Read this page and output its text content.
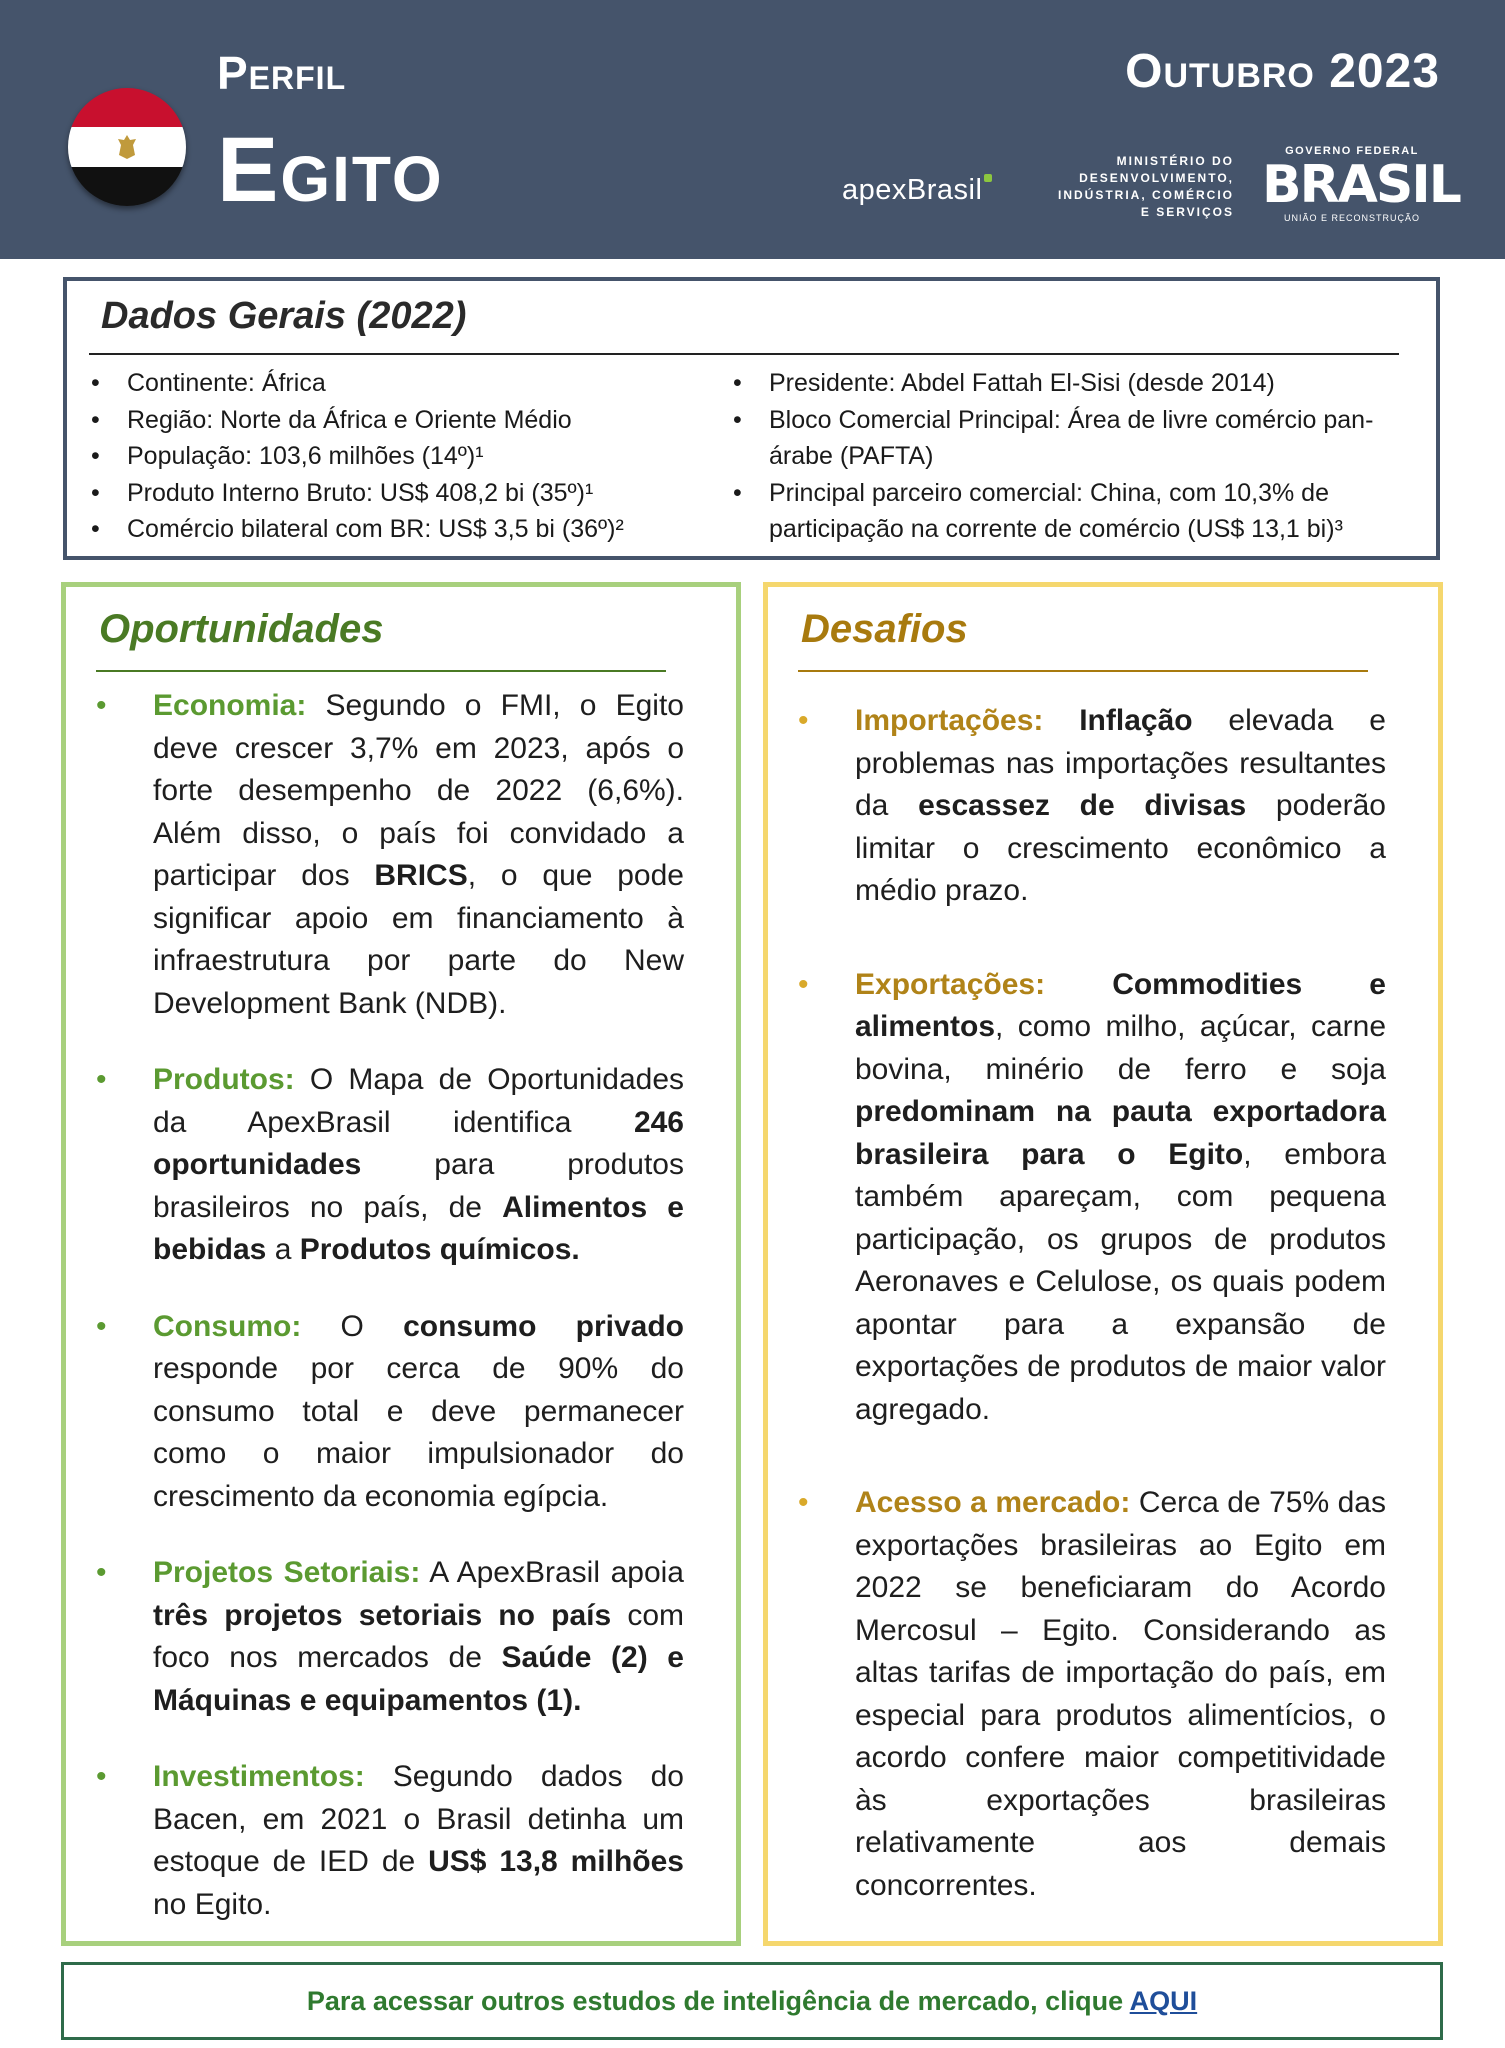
Perfil
Egito
Outubro 2023
apexBrasil
MINISTÉRIO DO
DESENVOLVIMENTO,
INDÚSTRIA, COMÉRCIO
E SERVIÇOS
GOVERNO FEDERAL
BRASIL
UNIÃO E RECONSTRUÇÃO
Dados Gerais (2022)
• Continente: África
• Região: Norte da África e Oriente Médio
• População: 103,6 milhões (14º)¹
• Produto Interno Bruto: US$ 408,2 bi (35º)¹
• Comércio bilateral com BR: US$ 3,5 bi (36º)²
• Presidente: Abdel Fattah El-Sisi (desde 2014)
• Bloco Comercial Principal: Área de livre comércio pan-árabe (PAFTA)
• Principal parceiro comercial: China, com 10,3% de participação na corrente de comércio (US$ 13,1 bi)³
Oportunidades
• Economia: Segundo o FMI, o Egito deve crescer 3,7% em 2023, após o forte desempenho de 2022 (6,6%). Além disso, o país foi convidado a participar dos BRICS, o que pode significar apoio em financiamento à infraestrutura por parte do New Development Bank (NDB).
• Produtos: O Mapa de Oportunidades da ApexBrasil identifica 246 oportunidades para produtos brasileiros no país, de Alimentos e bebidas a Produtos químicos.
• Consumo: O consumo privado responde por cerca de 90% do consumo total e deve permanecer como o maior impulsionador do crescimento da economia egípcia.
• Projetos Setoriais: A ApexBrasil apoia três projetos setoriais no país com foco nos mercados de Saúde (2) e Máquinas e equipamentos (1).
• Investimentos: Segundo dados do Bacen, em 2021 o Brasil detinha um estoque de IED de US$ 13,8 milhões no Egito.
Desafios
• Importações: Inflação elevada e problemas nas importações resultantes da escassez de divisas poderão limitar o crescimento econômico a médio prazo.
• Exportações: Commodities e alimentos, como milho, açúcar, carne bovina, minério de ferro e soja predominam na pauta exportadora brasileira para o Egito, embora também apareçam, com pequena participação, os grupos de produtos Aeronaves e Celulose, os quais podem apontar para a expansão de exportações de produtos de maior valor agregado.
• Acesso a mercado: Cerca de 75% das exportações brasileiras ao Egito em 2022 se beneficiaram do Acordo Mercosul – Egito. Considerando as altas tarifas de importação do país, em especial para produtos alimentícios, o acordo confere maior competitividade às exportações brasileiras relativamente aos demais concorrentes.
Para acessar outros estudos de inteligência de mercado, clique AQUI
